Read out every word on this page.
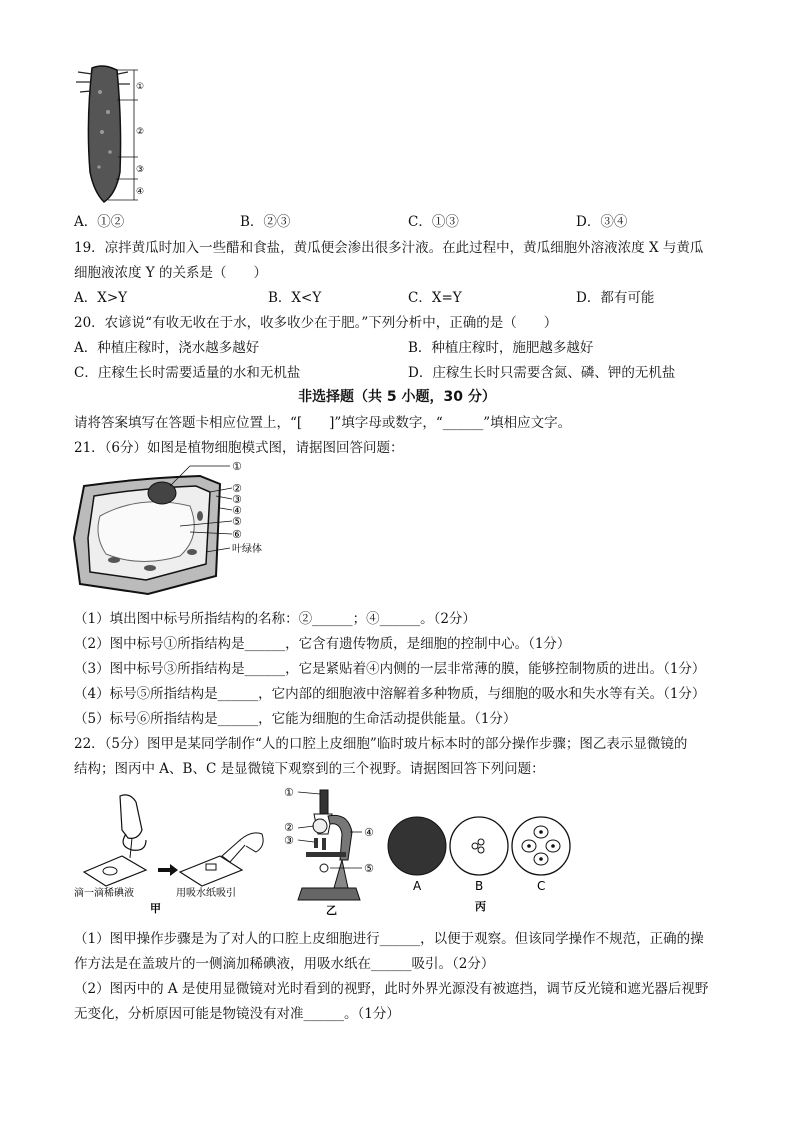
①
②
③
④
A．①②	B．②③	C．①③	D．③④
19．凉拌黄瓜时加入一些醋和食盐，黄瓜便会渗出很多汁液。在此过程中，黄瓜细胞外溶液浓度 X 与黄瓜
细胞液浓度 Y 的关系是（　　）
A．X>Y	B．X<Y	C．X=Y	D．都有可能
20．农谚说“有收无收在于水，收多收少在于肥。”下列分析中，正确的是（　　）
A．种植庄稼时，浇水越多越好	B．种植庄稼时，施肥越多越好
C．庄稼生长时需要适量的水和无机盐	D．庄稼生长时只需要含氮、磷、钾的无机盐
非选择题（共 5 小题，30 分）
请将答案填写在答题卡相应位置上，“[　　]”填字母或数字，“______”填相应文字。
21．（6分）如图是植物细胞模式图，请据图回答问题：
①
②
③
④
⑤
⑥
叶绿体
（1）填出图中标号所指结构的名称：②______；④______。（2分）
（2）图中标号①所指结构是______，它含有遗传物质，是细胞的控制中心。（1分）
（3）图中标号③所指结构是______，它是紧贴着④内侧的一层非常薄的膜，能够控制物质的进出。（1分）
（4）标号⑤所指结构是______，它内部的细胞液中溶解着多种物质，与细胞的吸水和失水等有关。（1分）
（5）标号⑥所指结构是______，它能为细胞的生命活动提供能量。（1分）
22．（5分）图甲是某同学制作“人的口腔上皮细胞”临时玻片标本时的部分操作步骤；图乙表示显微镜的
结构；图丙中 A、B、C 是显微镜下观察到的三个视野。请据图回答下列问题：
滴一滴稀碘液	用吸水纸吸引
甲
①
②
③
④
⑤
乙
A	B	C
丙
（1）图甲操作步骤是为了对人的口腔上皮细胞进行______，以便于观察。但该同学操作不规范，正确的操
作方法是在盖玻片的一侧滴加稀碘液，用吸水纸在______吸引。（2分）
（2）图丙中的 A 是使用显微镜对光时看到的视野，此时外界光源没有被遮挡，调节反光镜和遮光器后视野
无变化，分析原因可能是物镜没有对准______。（1分）
